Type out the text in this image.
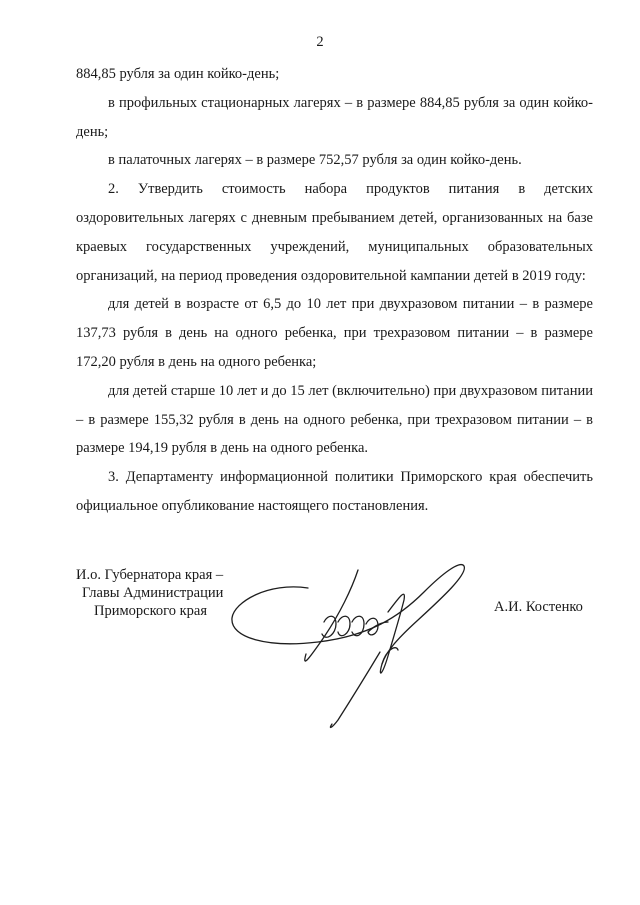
2

884,85 рубля за один койко-день;

в профильных стационарных лагерях – в размере 884,85 рубля за один койко-день;

в палаточных лагерях – в размере 752,57 рубля за один койко-день.

2. Утвердить стоимость набора продуктов питания в детских оздоровительных лагерях с дневным пребыванием детей, организованных на базе краевых государственных учреждений, муниципальных образовательных организаций, на период проведения оздоровительной кампании детей в 2019 году:

для детей в возрасте от 6,5 до 10 лет при двухразовом питании – в размере 137,73 рубля в день на одного ребенка, при трехразовом питании – в размере 172,20 рубля в день на одного ребенка;

для детей старше 10 лет и до 15 лет (включительно) при двухразовом питании – в размере 155,32 рубля в день на одного ребенка, при трехразовом питании – в размере 194,19 рубля в день на одного ребенка.

3. Департаменту информационной политики Приморского края обеспечить официальное опубликование настоящего постановления.

И.о. Губернатора края –
Главы Администрации
Приморского края	А.И. Костенко
